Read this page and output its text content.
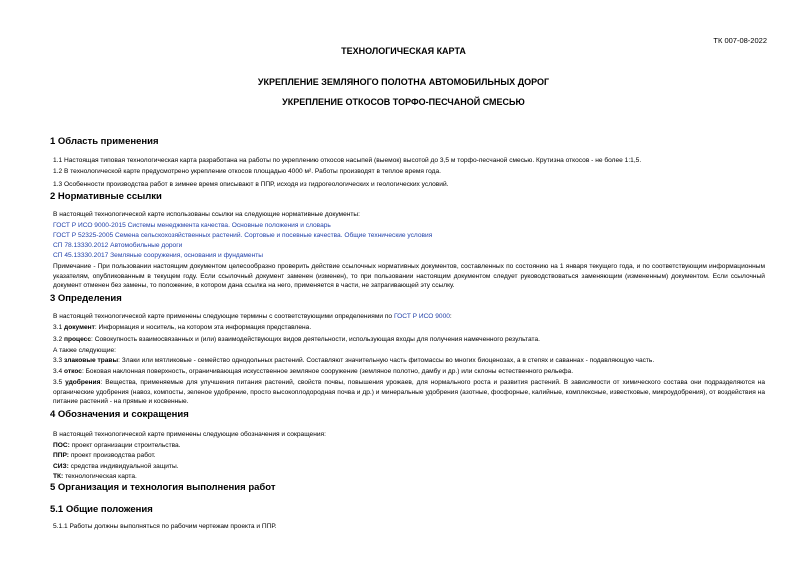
ТК 007-08-2022
ТЕХНОЛОГИЧЕСКАЯ КАРТА
УКРЕПЛЕНИЕ ЗЕМЛЯНОГО ПОЛОТНА АВТОМОБИЛЬНЫХ ДОРОГ
УКРЕПЛЕНИЕ ОТКОСОВ ТОРФО-ПЕСЧАНОЙ СМЕСЬЮ
1 Область применения
1.1 Настоящая типовая технологическая карта разработана на работы по укреплению откосов насыпей (выемок) высотой до 3,5 м торфо-песчаной смесью. Крутизна откосов - не более 1:1,5.
1.2 В технологической карте предусмотрено укрепление откосов площадью 4000 м². Работы производят в теплое время года.
1.3 Особенности производства работ в зимнее время описывают в ППР, исходя из гидрогеологических и геологических условий.
2 Нормативные ссылки
В настоящей технологической карте использованы ссылки на следующие нормативные документы:
ГОСТ Р ИСО 9000-2015 Системы менеджмента качества. Основные положения и словарь
ГОСТ Р 52325-2005 Семена сельскохозяйственных растений. Сортовые и посевные качества. Общие технические условия
СП 78.13330.2012 Автомобильные дороги
СП 45.13330.2017 Земляные сооружения, основания и фундаменты
Примечание - При пользовании настоящим документом целесообразно проверить действие ссылочных нормативных документов, составленных по состоянию на 1 января текущего года, и по соответствующим информационным указателям, опубликованным в текущем году. Если ссылочный документ заменен (изменен), то при пользовании настоящим документом следует руководствоваться заменяющим (измененным) документом. Если ссылочный документ отменен без замены, то положение, в котором дана ссылка на него, применяется в части, не затрагивающей эту ссылку.
3 Определения
В настоящей технологической карте применены следующие термины с соответствующими определениями по ГОСТ Р ИСО 9000:
3.1 документ: Информация и носитель, на котором эта информация представлена.
3.2 процесс: Совокупность взаимосвязанных и (или) взаимодействующих видов деятельности, использующая входы для получения намеченного результата.
А также следующие:
3.3 злаковые травы: Злаки или мятликовые - семейство однодольных растений. Составляют значительную часть фитомассы во многих биоценозах, а в степях и саваннах - подавляющую часть.
3.4 откос: Боковая наклонная поверхность, ограничивающая искусственное земляное сооружение (земляное полотно, дамбу и др.) или склоны естественного рельефа.
3.5 удобрения: Вещества, применяемые для улучшения питания растений, свойств почвы, повышения урожаев, для нормального роста и развития растений. В зависимости от химического состава они подразделяются на органические удобрения (навоз, компосты, зеленое удобрение, просто высокоплодородная почва и др.) и минеральные удобрения (азотные, фосфорные, калийные, комплексные, известковые, микроудобрения), от воздействия на питание растений - на прямые и косвенные.
4 Обозначения и сокращения
В настоящей технологической карте применены следующие обозначения и сокращения:
ПОС: проект организации строительства.
ППР: проект производства работ.
СИЗ: средства индивидуальной защиты.
ТК: технологическая карта.
5 Организация и технология выполнения работ
5.1 Общие положения
5.1.1 Работы должны выполняться по рабочим чертежам проекта и ППР.
